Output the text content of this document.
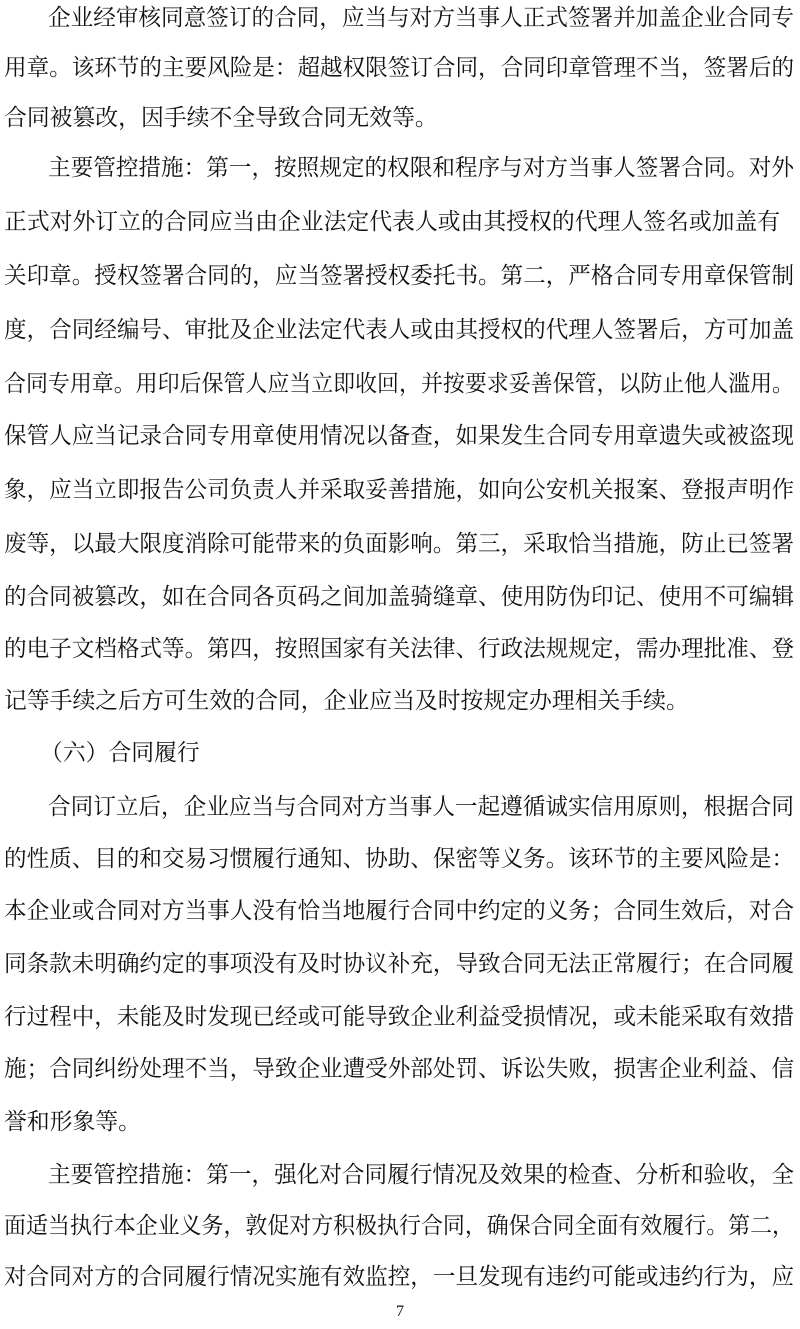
企业经审核同意签订的合同，应当与对方当事人正式签署并加盖企业合同专
用章。该环节的主要风险是：超越权限签订合同，合同印章管理不当，签署后的
合同被篡改，因手续不全导致合同无效等。
主要管控措施：第一，按照规定的权限和程序与对方当事人签署合同。对外
正式对外订立的合同应当由企业法定代表人或由其授权的代理人签名或加盖有
关印章。授权签署合同的，应当签署授权委托书。第二，严格合同专用章保管制
度，合同经编号、审批及企业法定代表人或由其授权的代理人签署后，方可加盖
合同专用章。用印后保管人应当立即收回，并按要求妥善保管，以防止他人滥用。
保管人应当记录合同专用章使用情况以备查，如果发生合同专用章遗失或被盗现
象，应当立即报告公司负责人并采取妥善措施，如向公安机关报案、登报声明作
废等，以最大限度消除可能带来的负面影响。第三，采取恰当措施，防止已签署
的合同被篡改，如在合同各页码之间加盖骑缝章、使用防伪印记、使用不可编辑
的电子文档格式等。第四，按照国家有关法律、行政法规规定，需办理批准、登
记等手续之后方可生效的合同，企业应当及时按规定办理相关手续。
（六）合同履行
合同订立后，企业应当与合同对方当事人一起遵循诚实信用原则，根据合同
的性质、目的和交易习惯履行通知、协助、保密等义务。该环节的主要风险是：
本企业或合同对方当事人没有恰当地履行合同中约定的义务；合同生效后，对合
同条款未明确约定的事项没有及时协议补充，导致合同无法正常履行；在合同履
行过程中，未能及时发现已经或可能导致企业利益受损情况，或未能采取有效措
施；合同纠纷处理不当，导致企业遭受外部处罚、诉讼失败，损害企业利益、信
誉和形象等。
主要管控措施：第一，强化对合同履行情况及效果的检查、分析和验收，全
面适当执行本企业义务，敦促对方积极执行合同，确保合同全面有效履行。第二，
对合同对方的合同履行情况实施有效监控，一旦发现有违约可能或违约行为，应
7
